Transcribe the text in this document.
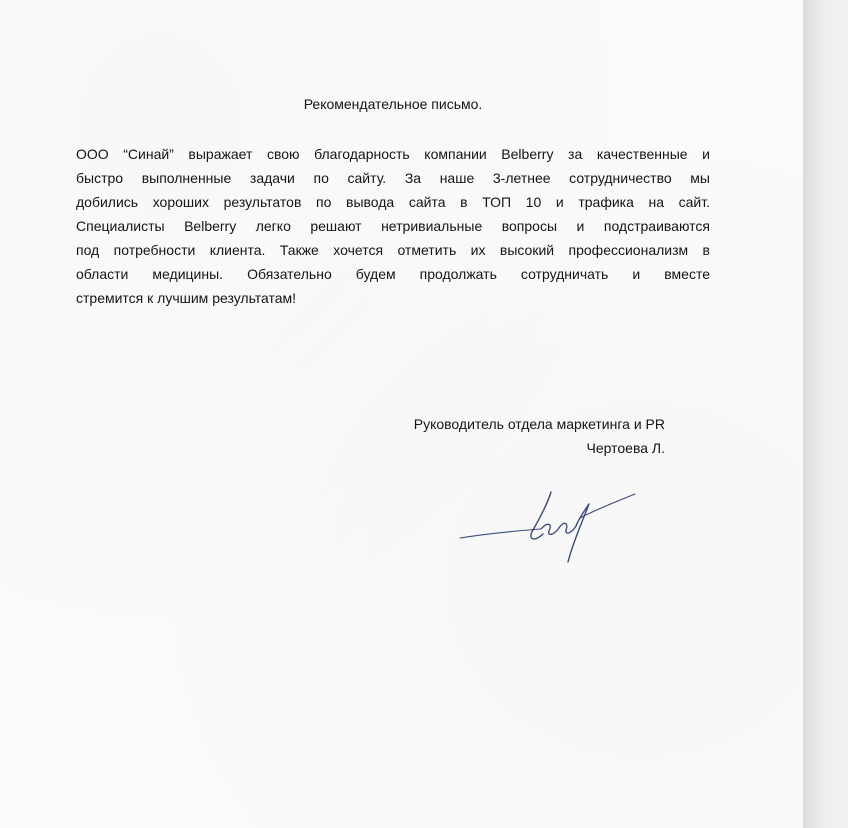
Рекомендательное письмо.
ООО “Синай” выражает свою благодарность компании Belberry за качественные и
быстро выполненные задачи по сайту. За наше 3-летнее сотрудничество мы
добились хороших результатов по вывода сайта в ТОП 10 и трафика на сайт.
Специалисты Belberry легко решают нетривиальные вопросы и подстраиваются
под потребности клиента. Также хочется отметить их высокий профессионализм в
области медицины. Обязательно будем продолжать сотрудничать и вместе
стремится к лучшим результатам!
Руководитель отдела маркетинга и PR
Чертоева Л.
